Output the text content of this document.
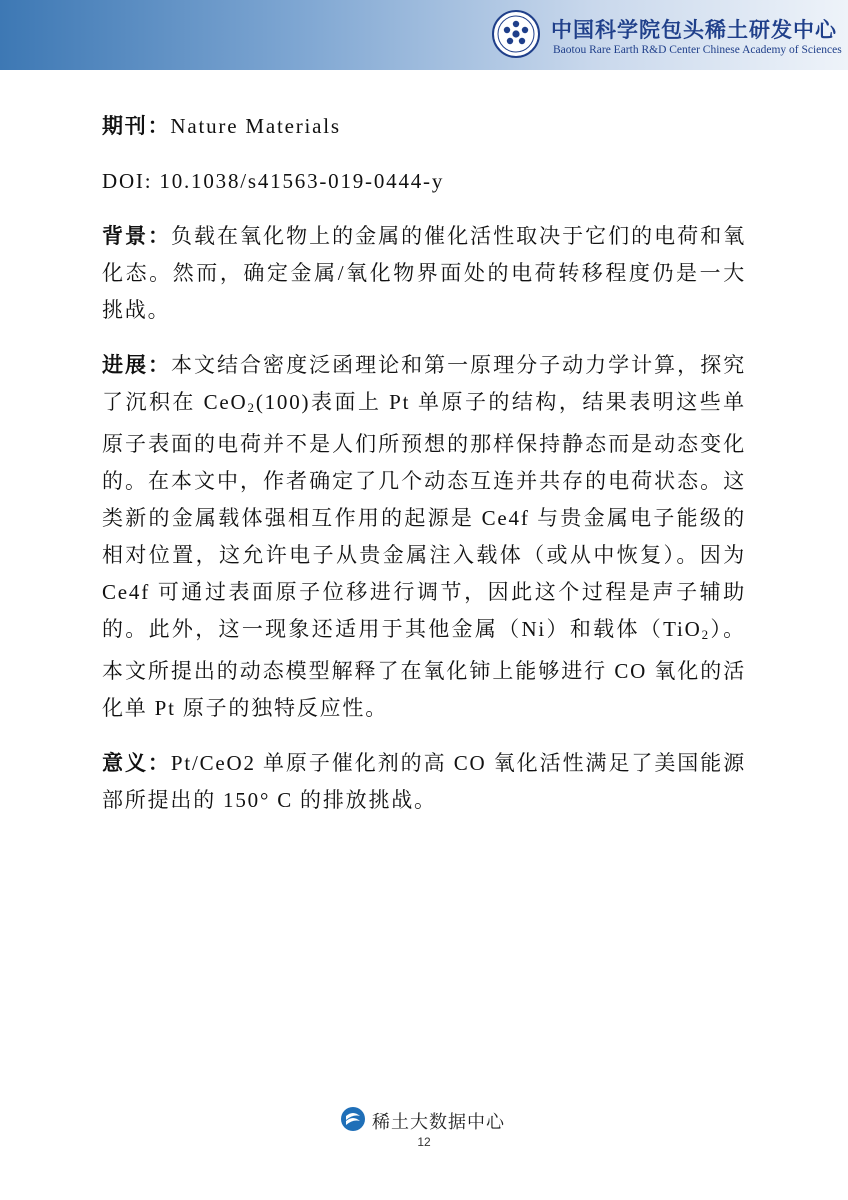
中国科学院包头稀土研发中心
Baotou Rare Earth R&D Center Chinese Academy of Sciences

期刊：Nature Materials

DOI: 10.1038/s41563-019-0444-y

背景：负载在氧化物上的金属的催化活性取决于它们的电荷和氧化态。然而，确定金属/氧化物界面处的电荷转移程度仍是一大挑战。

进展：本文结合密度泛函理论和第一原理分子动力学计算，探究了沉积在 CeO$_2$(100)表面上 Pt 单原子的结构，结果表明这些单原子表面的电荷并不是人们所预想的那样保持静态而是动态变化的。在本文中，作者确定了几个动态互连并共存的电荷状态。这类新的金属载体强相互作用的起源是 Ce4f 与贵金属电子能级的相对位置，这允许电子从贵金属注入载体（或从中恢复）。因为 Ce4f 可通过表面原子位移进行调节，因此这个过程是声子辅助的。此外，这一现象还适用于其他金属（Ni）和载体（TiO$_2$）。本文所提出的动态模型解释了在氧化铈上能够进行 CO 氧化的活化单 Pt 原子的独特反应性。

意义：Pt/CeO2 单原子催化剂的高 CO 氧化活性满足了美国能源部所提出的 150° C 的排放挑战。

稀土大数据中心
12
